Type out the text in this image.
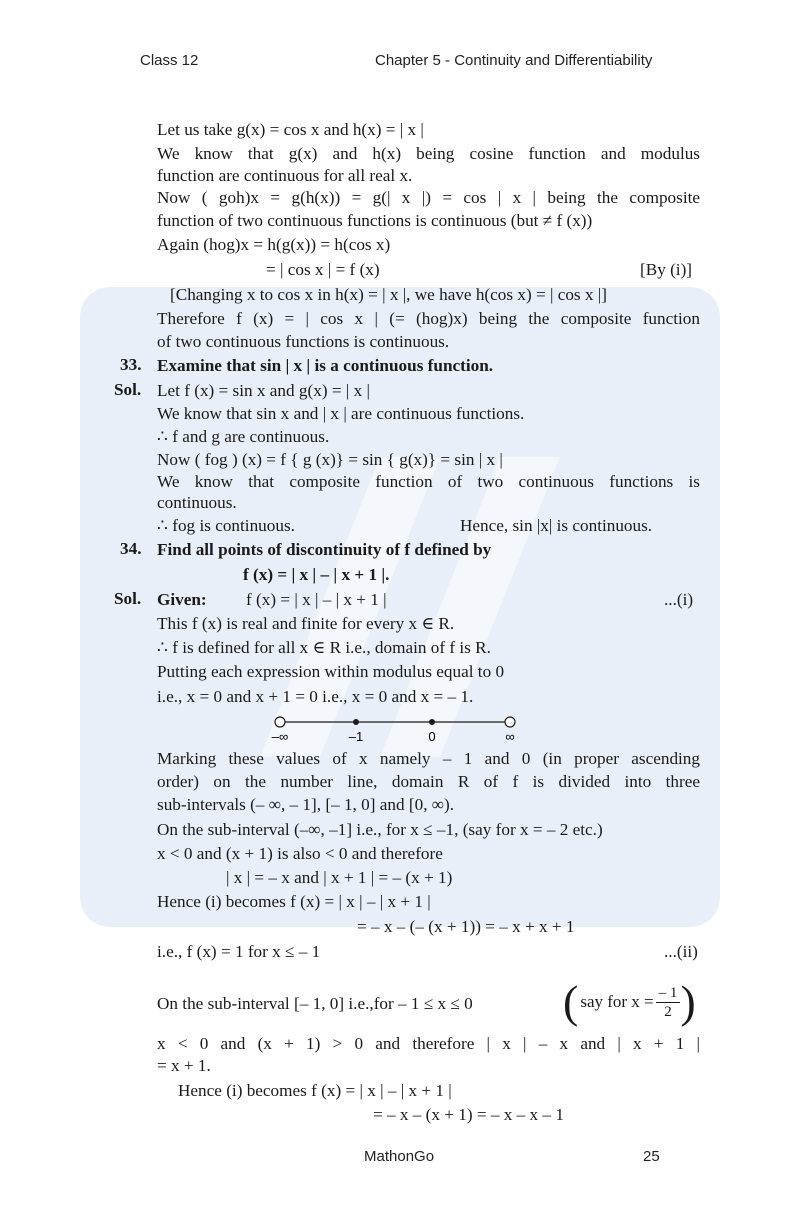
Class 12	Chapter 5 - Continuity and Differentiability
Let us take g(x) = cos x and h(x) = | x |
We know that g(x) and h(x) being cosine function and modulus
function are continuous for all real x.
Now ( goh)x = g(h(x)) = g(| x |) = cos | x | being the composite
function of two continuous functions is continuous (but ≠ f (x))
Again (hog)x = h(g(x)) = h(cos x)
= | cos x | = f (x)	[By (i)]
[Changing x to cos x in h(x) = | x |, we have h(cos x) = | cos x |]
Therefore f (x) = | cos x | (= (hog)x) being the composite function
of two continuous functions is continuous.
33. Examine that sin | x | is a continuous function.
Sol. Let f (x) = sin x and g(x) = | x |
We know that sin x and | x | are continuous functions.
∴ f and g are continuous.
Now ( fog ) (x) = f { g (x)} = sin { g(x)} = sin | x |
We know that composite function of two continuous functions is
continuous.
∴ fog is continuous.	Hence, sin |x| is continuous.
34. Find all points of discontinuity of f defined by
f (x) = | x | – | x + 1 |.
Sol. Given: f (x) = | x | – | x + 1 |	...(i)
This f (x) is real and finite for every x ∈ R.
∴ f is defined for all x ∈ R i.e., domain of f is R.
Putting each expression within modulus equal to 0
i.e., x = 0 and x + 1 = 0 i.e., x = 0 and x = – 1.
–∞	–1	0	∞
Marking these values of x namely – 1 and 0 (in proper ascending
order) on the number line, domain R of f is divided into three
sub-intervals (– ∞, – 1], [– 1, 0] and [0, ∞).
On the sub-interval (–∞, –1] i.e., for x ≤ –1, (say for x = – 2 etc.)
x < 0 and (x + 1) is also < 0 and therefore
| x | = – x and | x + 1 | = – (x + 1)
Hence (i) becomes f (x) = | x | – | x + 1 |
= – x – (– (x + 1)) = – x + x + 1
i.e., f (x) = 1 for x ≤ – 1	...(ii)
On the sub-interval [– 1, 0] i.e.,for – 1 ≤ x ≤ 0 ( say for $x = \frac{- 1}{2}$ )
x < 0 and (x + 1) > 0 and therefore | x | – x and | x + 1 |
= x + 1.
Hence (i) becomes f (x) = | x | – | x + 1 |
= – x – (x + 1) = – x – x – 1
MathonGo	25
